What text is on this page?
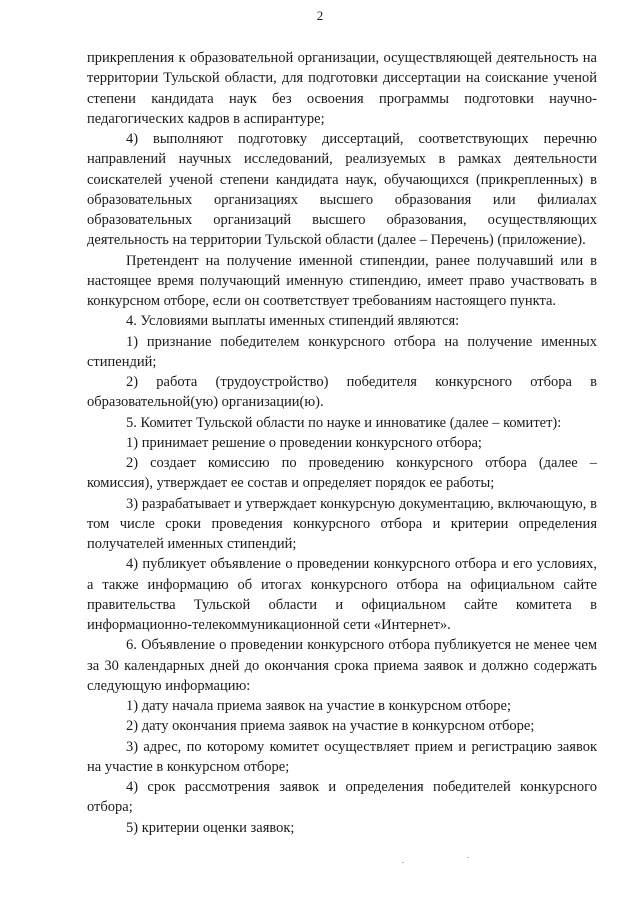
2

прикрепления к образовательной организации, осуществляющей деятельность на территории Тульской области, для подготовки диссертации на соискание ученой степени кандидата наук без освоения программы подготовки научно-педагогических кадров в аспирантуре;

4) выполняют подготовку диссертаций, соответствующих перечню направлений научных исследований, реализуемых в рамках деятельности соискателей ученой степени кандидата наук, обучающихся (прикрепленных) в образовательных организациях высшего образования или филиалах образовательных организаций высшего образования, осуществляющих деятельность на территории Тульской области (далее – Перечень) (приложение).

Претендент на получение именной стипендии, ранее получавший или в настоящее время получающий именную стипендию, имеет право участвовать в конкурсном отборе, если он соответствует требованиям настоящего пункта.

4. Условиями выплаты именных стипендий являются:

1) признание победителем конкурсного отбора на получение именных стипендий;

2) работа (трудоустройство) победителя конкурсного отбора в образовательной(ую) организации(ю).

5. Комитет Тульской области по науке и инноватике (далее – комитет):

1) принимает решение о проведении конкурсного отбора;

2) создает комиссию по проведению конкурсного отбора (далее – комиссия), утверждает ее состав и определяет порядок ее работы;

3) разрабатывает и утверждает конкурсную документацию, включающую, в том числе сроки проведения конкурсного отбора и критерии определения получателей именных стипендий;

4) публикует объявление о проведении конкурсного отбора и его условиях, а также информацию об итогах конкурсного отбора на официальном сайте правительства Тульской области и официальном сайте комитета в информационно-телекоммуникационной сети «Интернет».

6. Объявление о проведении конкурсного отбора публикуется не менее чем за 30 календарных дней до окончания срока приема заявок и должно содержать следующую информацию:

1) дату начала приема заявок на участие в конкурсном отборе;

2) дату окончания приема заявок на участие в конкурсном отборе;

3) адрес, по которому комитет осуществляет прием и регистрацию заявок на участие в конкурсном отборе;

4) срок рассмотрения заявок и определения победителей конкурсного отбора;

5) критерии оценки заявок;
